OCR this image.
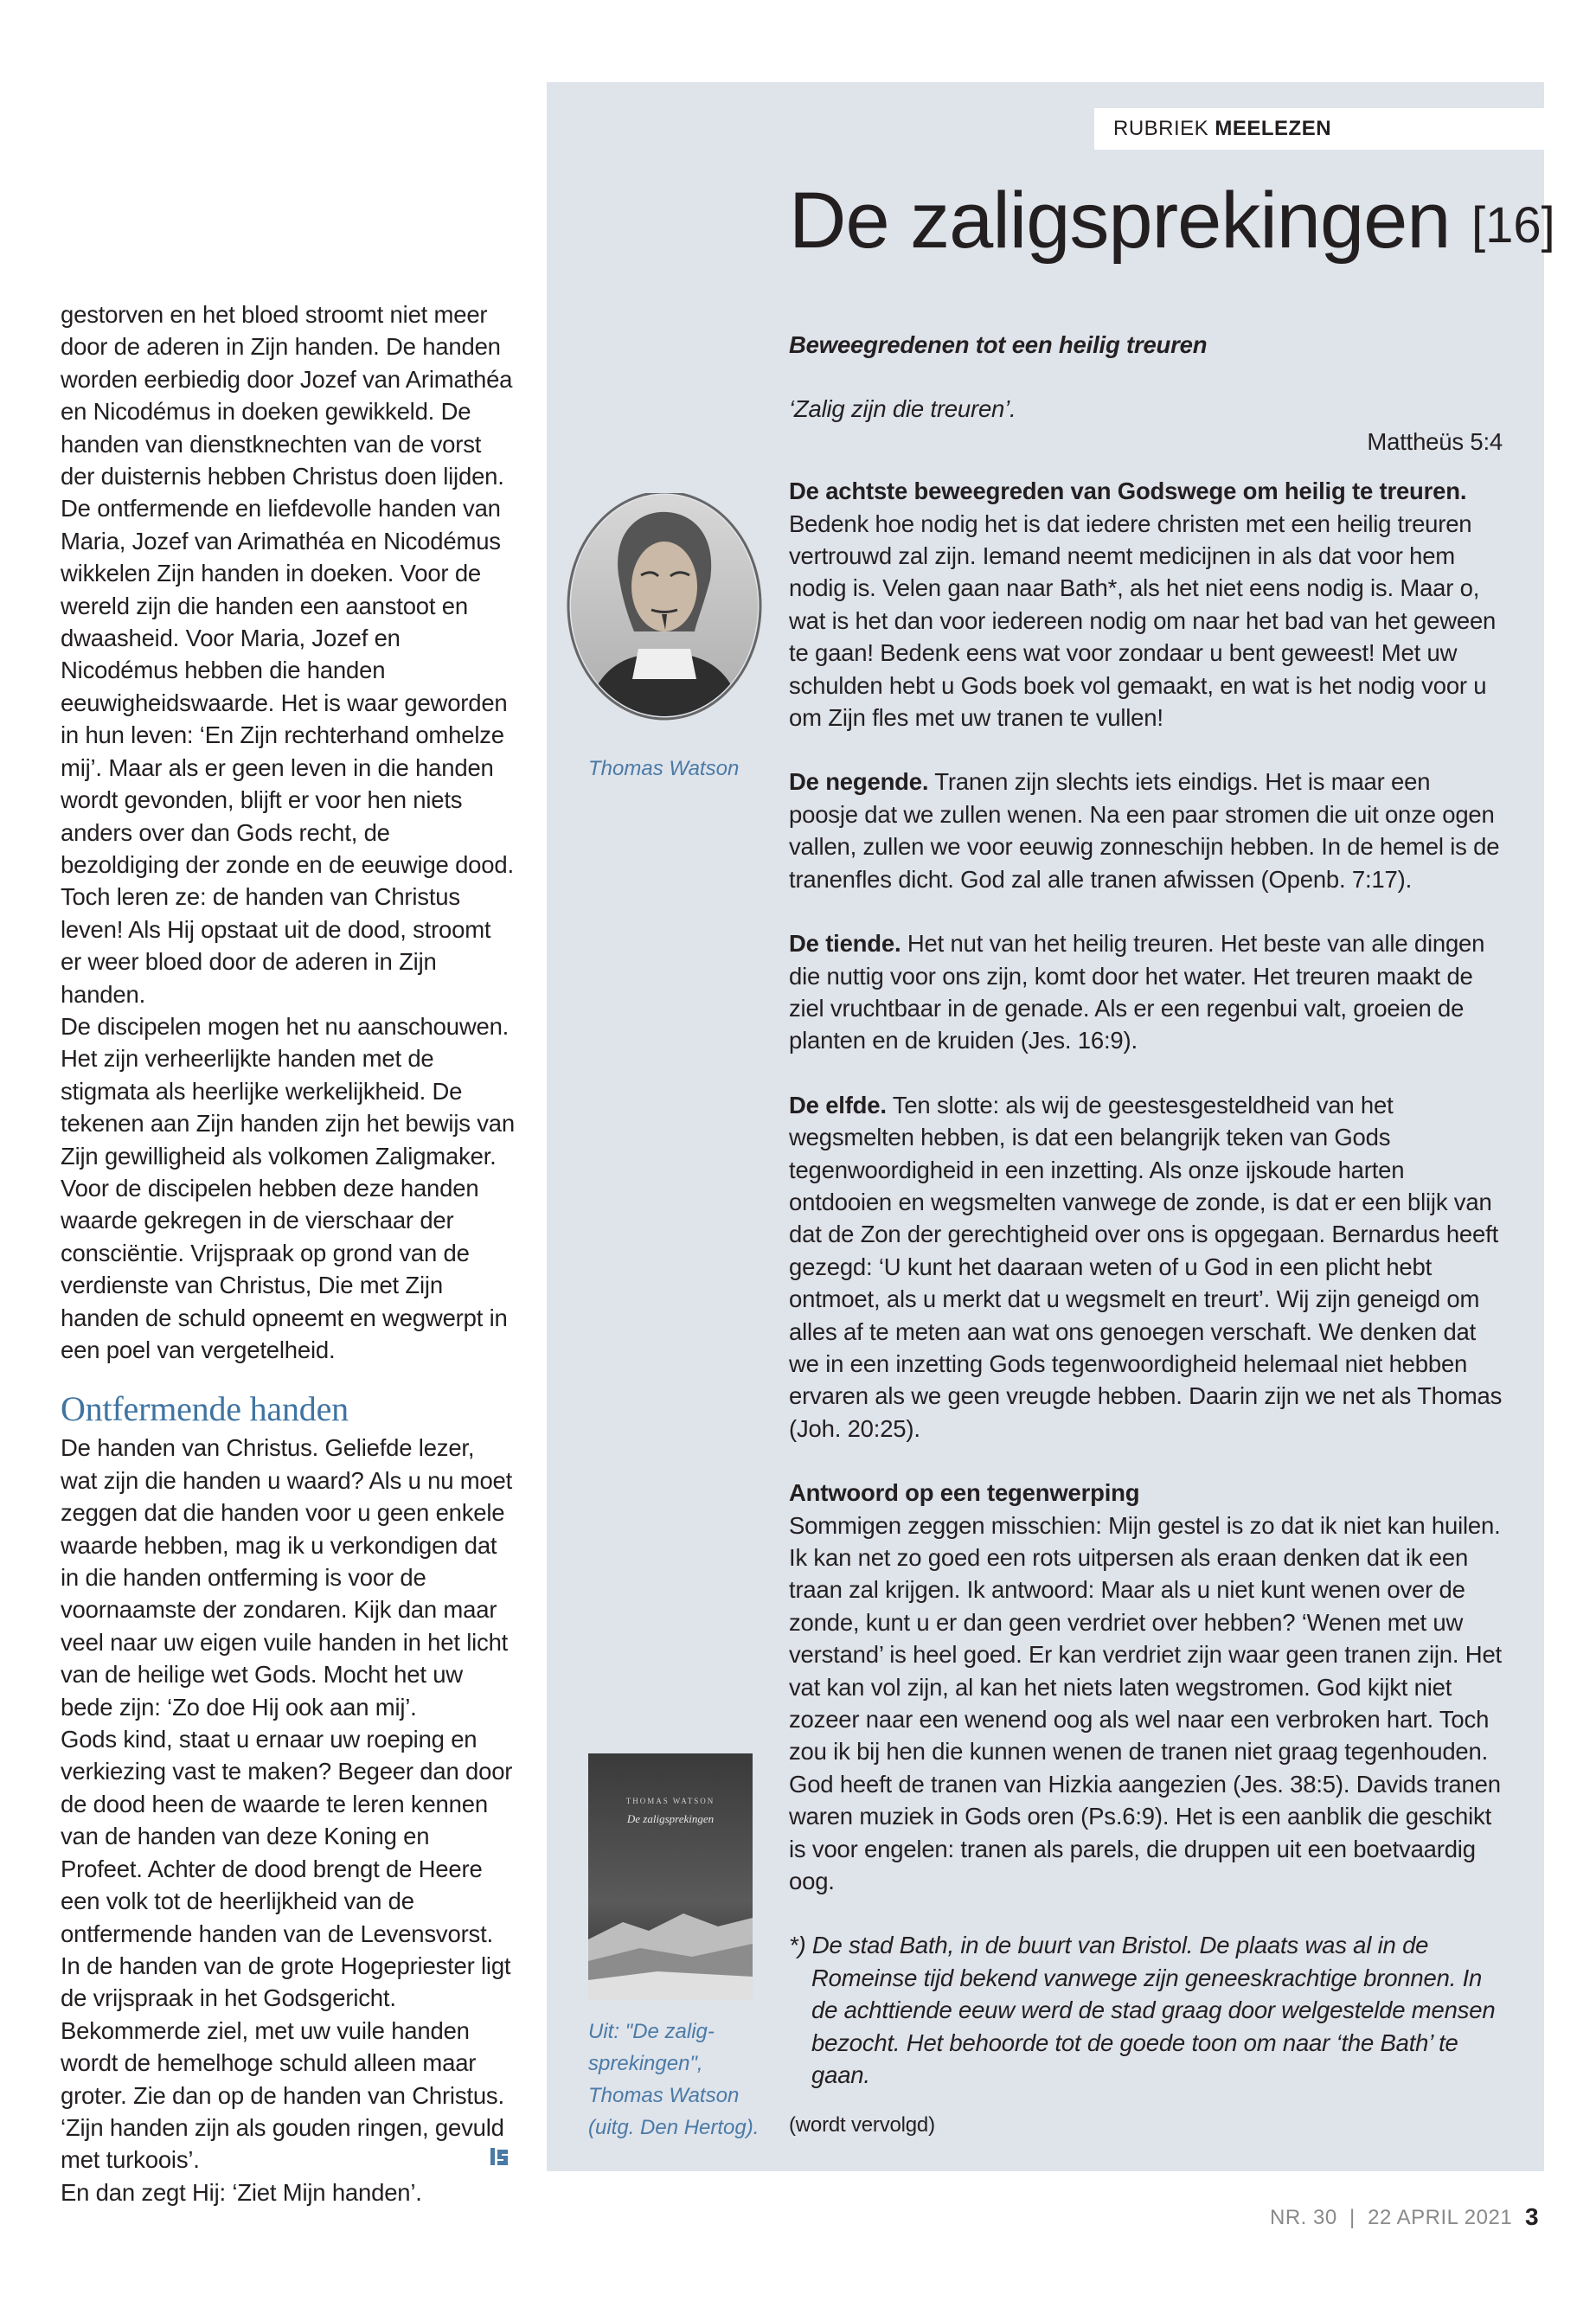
gestorven en het bloed stroomt niet meer door de aderen in Zijn handen. De handen worden eerbiedig door Jozef van Arimathéa en Nicodémus in doeken gewikkeld. De handen van dienstknechten van de vorst der duisternis hebben Christus doen lijden. De ontfermende en liefdevolle handen van Maria, Jozef van Arimathéa en Nicodémus wikkelen Zijn handen in doeken. Voor de wereld zijn die handen een aanstoot en dwaasheid. Voor Maria, Jozef en Nicodémus hebben die handen eeuwigheidswaarde. Het is waar geworden in hun leven: ‘En Zijn rechterhand omhelze mij’. Maar als er geen leven in die handen wordt gevonden, blijft er voor hen niets anders over dan Gods recht, de bezoldiging der zonde en de eeuwige dood. Toch leren ze: de handen van Christus leven! Als Hij opstaat uit de dood, stroomt er weer bloed door de aderen in Zijn handen.

De discipelen mogen het nu aanschouwen. Het zijn verheerlijkte handen met de stigmata als heerlijke werkelijkheid. De tekenen aan Zijn handen zijn het bewijs van Zijn gewilligheid als volkomen Zaligmaker. Voor de discipelen hebben deze handen waarde gekregen in de vierschaar der consciëntie. Vrijspraak op grond van de verdienste van Christus, Die met Zijn handen de schuld opneemt en wegwerpt in een poel van vergetelheid.

Ontfermende handen

De handen van Christus. Geliefde lezer, wat zijn die handen u waard? Als u nu moet zeggen dat die handen voor u geen enkele waarde hebben, mag ik u verkondigen dat in die handen ontferming is voor de voornaamste der zondaren. Kijk dan maar veel naar uw eigen vuile handen in het licht van de heilige wet Gods. Mocht het uw bede zijn: ‘Zo doe Hij ook aan mij’.

Gods kind, staat u ernaar uw roeping en verkiezing vast te maken? Begeer dan door de dood heen de waarde te leren kennen van de handen van deze Koning en Profeet. Achter de dood brengt de Heere een volk tot de heerlijkheid van de ontfermende handen van de Levensvorst. In de handen van de grote Hogepriester ligt de vrijspraak in het Godsgericht.

Bekommerde ziel, met uw vuile handen wordt de hemelhoge schuld alleen maar groter. Zie dan op de handen van Christus. ‘Zijn handen zijn als gouden ringen, gevuld met turkoois’.

En dan zegt Hij: ‘Ziet Mijn handen’.

RUBRIEK MEELEZEN
De zaligsprekingen [16]
Thomas Watson
THOMAS WATSON
De zaligsprekingen
Uit: "De zalig-
sprekingen",
Thomas Watson
(uitg. Den Hertog).

Beweegredenen tot een heilig treuren

‘Zalig zijn die treuren’.

Mattheüs 5:4

De achtste beweegreden van Godswege om heilig te treuren.
Bedenk hoe nodig het is dat iedere christen met een heilig treuren vertrouwd zal zijn. Iemand neemt medicijnen in als dat voor hem nodig is. Velen gaan naar Bath*, als het niet eens nodig is. Maar o, wat is het dan voor iedereen nodig om naar het bad van het geween te gaan! Bedenk eens wat voor zondaar u bent geweest! Met uw schulden hebt u Gods boek vol gemaakt, en wat is het nodig voor u om Zijn fles met uw tranen te vullen!

De negende. Tranen zijn slechts iets eindigs. Het is maar een poosje dat we zullen wenen. Na een paar stromen die uit onze ogen vallen, zullen we voor eeuwig zonneschijn hebben. In de hemel is de tranenfles dicht. God zal alle tranen afwissen (Openb. 7:17).

De tiende. Het nut van het heilig treuren. Het beste van alle dingen die nuttig voor ons zijn, komt door het water. Het treuren maakt de ziel vruchtbaar in de genade. Als er een regenbui valt, groeien de planten en de kruiden (Jes. 16:9).

De elfde. Ten slotte: als wij de geestesgesteldheid van het wegsmelten hebben, is dat een belangrijk teken van Gods tegenwoordigheid in een inzetting. Als onze ijskoude harten ontdooien en wegsmelten vanwege de zonde, is dat er een blijk van dat de Zon der gerechtigheid over ons is opgegaan. Bernardus heeft gezegd: ‘U kunt het daaraan weten of u God in een plicht hebt ontmoet, als u merkt dat u wegsmelt en treurt’. Wij zijn geneigd om alles af te meten aan wat ons genoegen verschaft. We denken dat we in een inzetting Gods tegenwoordigheid helemaal niet hebben ervaren als we geen vreugde hebben. Daarin zijn we net als Thomas (Joh. 20:25).

Antwoord op een tegenwerping

Sommigen zeggen misschien: Mijn gestel is zo dat ik niet kan huilen. Ik kan net zo goed een rots uitpersen als eraan denken dat ik een traan zal krijgen. Ik antwoord: Maar als u niet kunt wenen over de zonde, kunt u er dan geen verdriet over hebben? ‘Wenen met uw verstand’ is heel goed. Er kan verdriet zijn waar geen tranen zijn. Het vat kan vol zijn, al kan het niets laten wegstromen. God kijkt niet zozeer naar een wenend oog als wel naar een verbroken hart. Toch zou ik bij hen die kunnen wenen de tranen niet graag tegenhouden. God heeft de tranen van Hizkia aangezien (Jes. 38:5). Davids tranen waren muziek in Gods oren (Ps.6:9). Het is een aanblik die geschikt is voor engelen: tranen als parels, die druppen uit een boetvaardig oog.

*) De stad Bath, in de buurt van Bristol. De plaats was al in de Romeinse tijd bekend vanwege zijn geneeskrachtige bronnen. In de achttiende eeuw werd de stad graag door welgestelde mensen bezocht. Het behoorde tot de goede toon om naar ‘the Bath’ te gaan.

(wordt vervolgd)

NR. 30  |  22 APRIL 2021 3
